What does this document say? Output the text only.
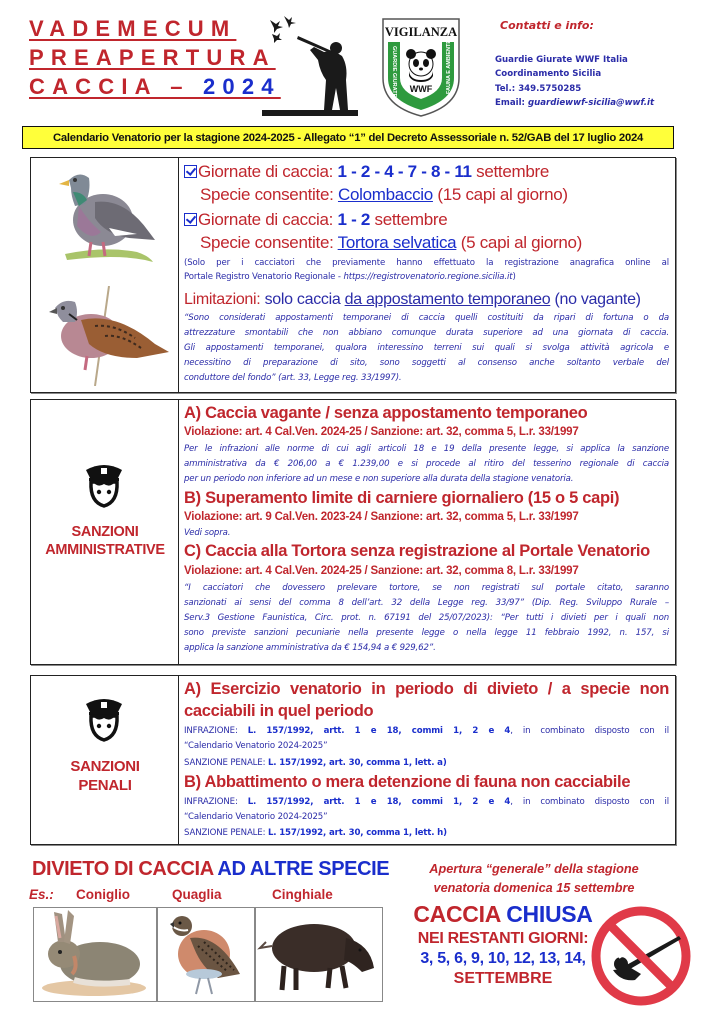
VADEMECUM
PREAPERTURA
CACCIA – 2024
VIGILANZA
WWF
GUARDIE GIURATE	FAUNA E AMBIENTE
Contatti e info:
Guardie Giurate WWF Italia
Coordinamento Sicilia
Tel.: 349.5750285
Email: guardiewwf-sicilia@wwf.it
Calendario Venatorio per la stagione 2024-2025 - Allegato “1” del Decreto Assessoriale n. 52/GAB del 17 luglio 2024
Giornate di caccia: 1 - 2 - 4 - 7 - 8 - 11 settembre
Specie consentite: Colombaccio (15 capi al giorno)
Giornate di caccia: 1 - 2 settembre
Specie consentite: Tortora selvatica (5 capi al giorno)
(Solo per i cacciatori che previamente hanno effettuato la registrazione anagrafica online al
Portale Registro Venatorio Regionale - https://registrovenatorio.regione.sicilia.it)
Limitazioni: solo caccia da appostamento temporaneo (no vagante)
“Sono considerati appostamenti temporanei di caccia quelli costituiti da ripari di fortuna o da
attrezzature smontabili che non abbiano comunque durata superiore ad una giornata di caccia.
Gli appostamenti temporanei, qualora interessino terreni sui quali si svolga attività agricola e
necessitino di preparazione di sito, sono soggetti al consenso anche soltanto verbale del
conduttore del fondo” (art. 33, Legge reg. 33/1997).
SANZIONI
AMMINISTRATIVE
A) Caccia vagante / senza appostamento temporaneo
Violazione: art. 4 Cal.Ven. 2024-25 / Sanzione: art. 32, comma 5, L.r. 33/1997
Per le infrazioni alle norme di cui agli articoli 18 e 19 della presente legge, si applica la sanzione
amministrativa da € 206,00 a € 1.239,00 e si procede al ritiro del tesserino regionale di caccia
per un periodo non inferiore ad un mese e non superiore alla durata della stagione venatoria.
B) Superamento limite di carniere giornaliero (15 o 5 capi)
Violazione: art. 9 Cal.Ven. 2023-24 / Sanzione: art. 32, comma 5, L.r. 33/1997
Vedi sopra.
C) Caccia alla Tortora senza registrazione al Portale Venatorio
Violazione: art. 4 Cal.Ven. 2024-25 / Sanzione: art. 32, comma 8, L.r. 33/1997
“I cacciatori che dovessero prelevare tortore, se non registrati sul portale citato, saranno
sanzionati ai sensi del comma 8 dell’art. 32 della Legge reg. 33/97” (Dip. Reg. Sviluppo Rurale –
Serv.3 Gestione Faunistica, Circ. prot. n. 67191 del 25/07/2023): “Per tutti i divieti per i quali non
sono previste sanzioni pecuniarie nella presente legge o nella legge 11 febbraio 1992, n. 157, si
applica la sanzione amministrativa da € 154,94 a € 929,62”.
SANZIONI
PENALI
A) Esercizio venatorio in periodo di divieto / a specie non
cacciabili in quel periodo
INFRAZIONE: L. 157/1992, artt. 1 e 18, commi 1, 2 e 4, in combinato disposto con il
“Calendario Venatorio 2024-2025”
SANZIONE PENALE: L. 157/1992, art. 30, comma 1, lett. a)
B) Abbattimento o mera detenzione di fauna non cacciabile
INFRAZIONE: L. 157/1992, artt. 1 e 18, commi 1, 2 e 4, in combinato disposto con il
“Calendario Venatorio 2024-2025”
SANZIONE PENALE: L. 157/1992, art. 30, comma 1, lett. h)
DIVIETO DI CACCIA AD ALTRE SPECIE
Es.: Coniglio	Quaglia	Cinghiale
Apertura “generale” della stagione
venatoria domenica 15 settembre
CACCIA CHIUSA
NEI RESTANTI GIORNI:
3, 5, 6, 9, 10, 12, 13, 14,
SETTEMBRE
